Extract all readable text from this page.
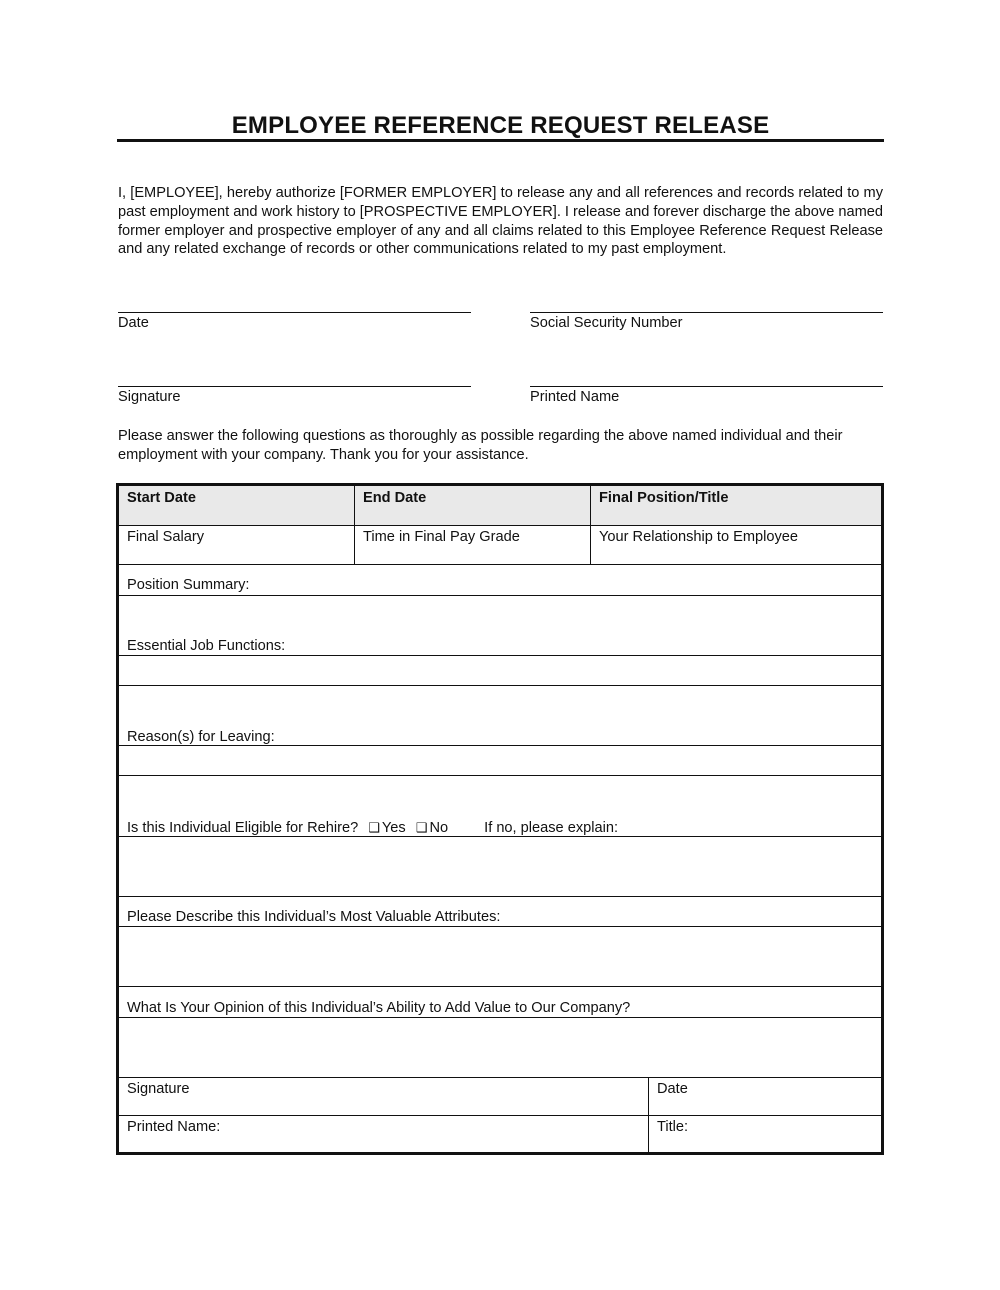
EMPLOYEE REFERENCE REQUEST RELEASE

I, [EMPLOYEE], hereby authorize [FORMER EMPLOYER] to release any and all references and records related to my past employment and work history to [PROSPECTIVE EMPLOYER]. I release and forever discharge the above named former employer and prospective employer of any and all claims related to this Employee Reference Request Release and any related exchange of records or other communications related to my past employment.

Date	Social Security Number
Signature	Printed Name

Please answer the following questions as thoroughly as possible regarding the above named individual and their employment with your company. Thank you for your assistance.

Start Date	End Date	Final Position/Title
Final Salary	Time in Final Pay Grade	Your Relationship to Employee
Position Summary:
Essential Job Functions:
Reason(s) for Leaving:
Is this Individual Eligible for Rehire? ❑ Yes ❑ No If no, please explain:
Please Describe this Individual’s Most Valuable Attributes:
What Is Your Opinion of this Individual’s Ability to Add Value to Our Company?
Signature	Date
Printed Name:	Title:
